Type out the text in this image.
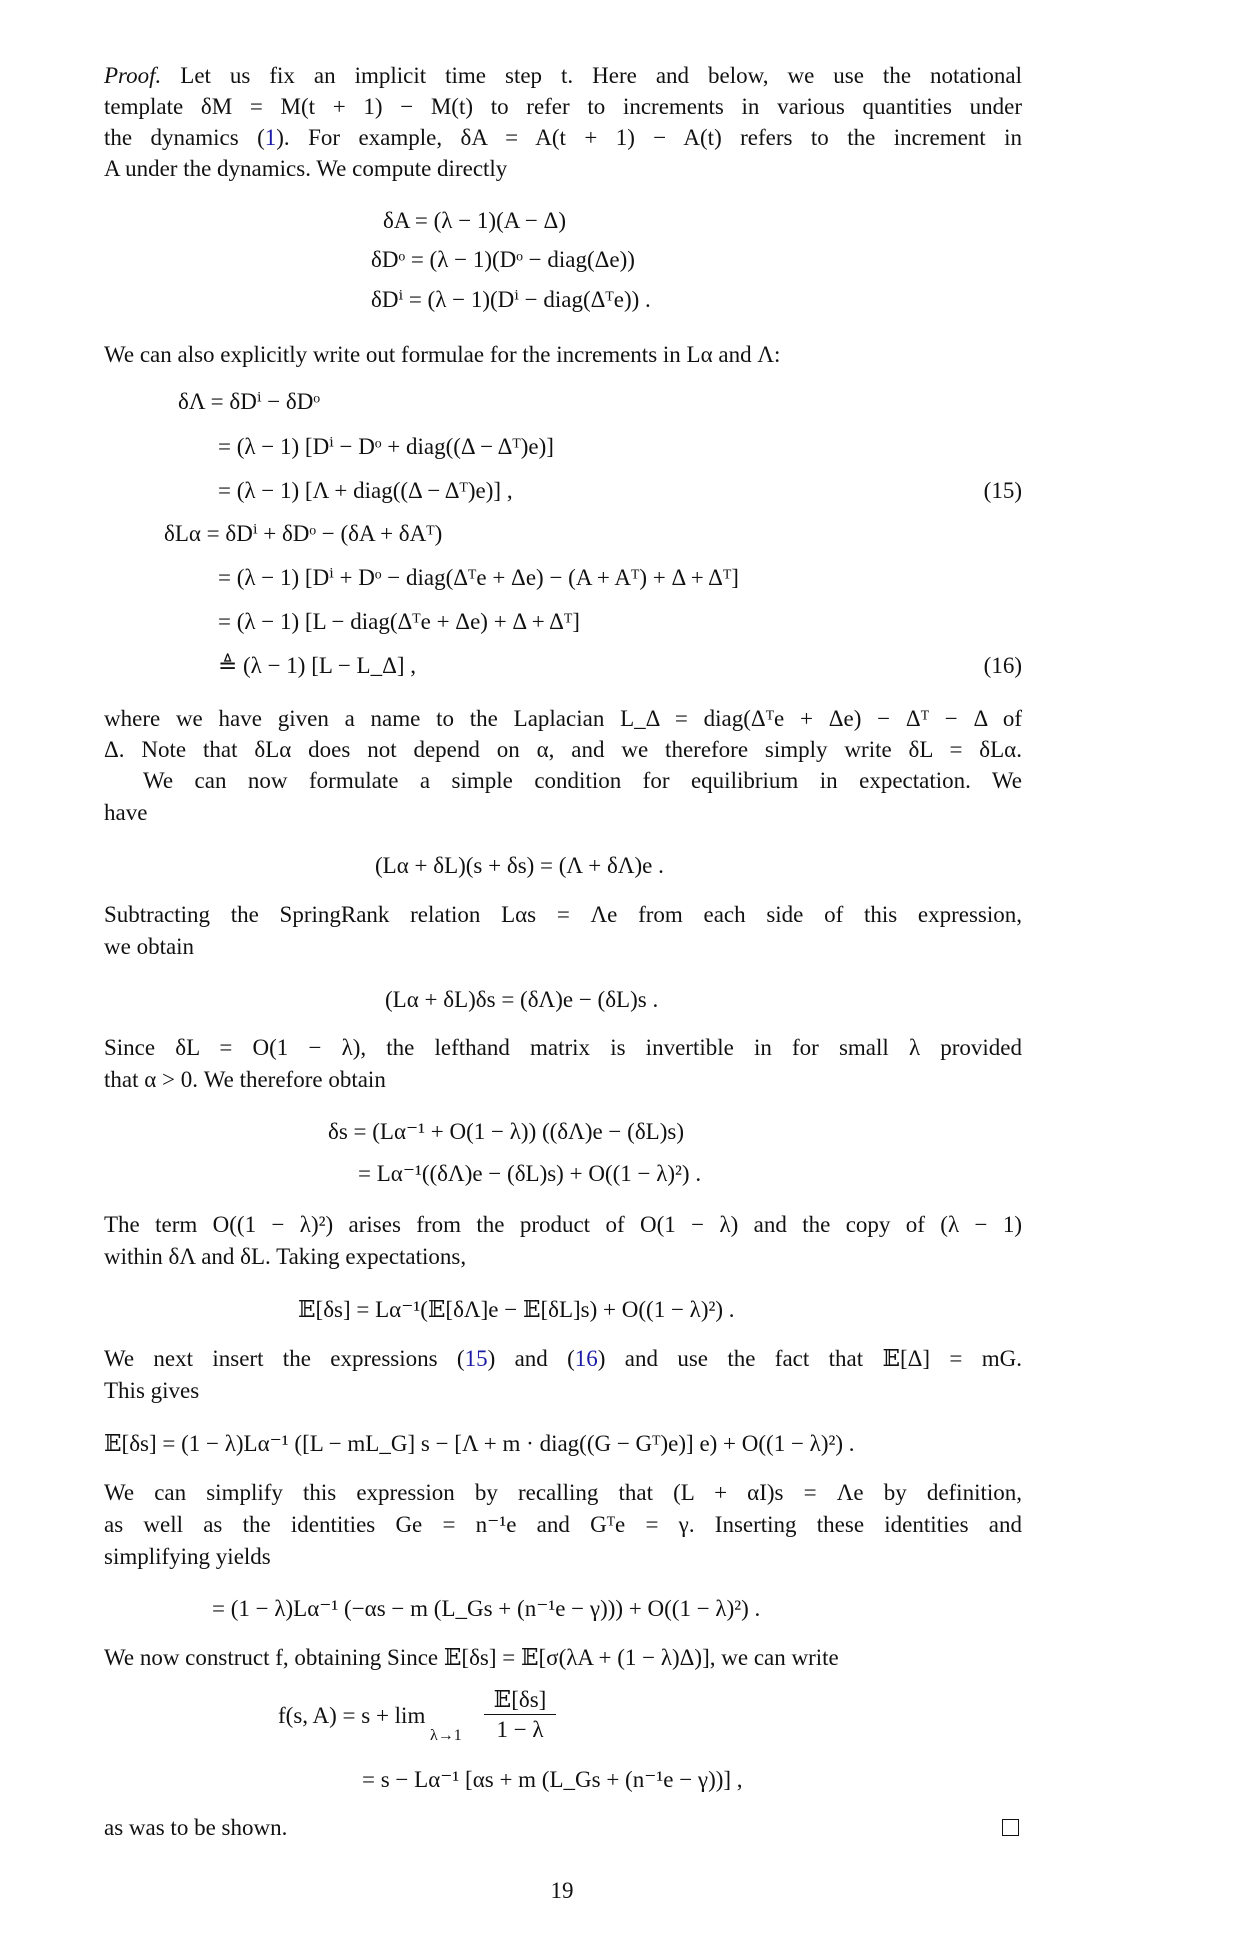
Proof. Let us fix an implicit time step t. Here and below, we use the notational
template δM = M(t + 1) − M(t) to refer to increments in various quantities under
the dynamics (1). For example, δA = A(t + 1) − A(t) refers to the increment in
A under the dynamics. We compute directly
δA = (λ − 1)(A − Δ)
δDᵒ = (λ − 1)(Dᵒ − diag(Δe))
δDⁱ = (λ − 1)(Dⁱ − diag(Δᵀe)) .
We can also explicitly write out formulae for the increments in Lα and Λ:
δΛ = δDⁱ − δDᵒ
= (λ − 1) [Dⁱ − Dᵒ + diag((Δ − Δᵀ)e)]
= (λ − 1) [Λ + diag((Δ − Δᵀ)e)] ,
δLα = δDⁱ + δDᵒ − (δA + δAᵀ)
= (λ − 1) [Dⁱ + Dᵒ − diag(Δᵀe + Δe) − (A + Aᵀ) + Δ + Δᵀ]
= (λ − 1) [L − diag(Δᵀe + Δe) + Δ + Δᵀ]
≜ (λ − 1) [L − L_Δ] ,
(15)
(16)
where we have given a name to the Laplacian L_Δ = diag(Δᵀe + Δe) − Δᵀ − Δ of
Δ. Note that δLα does not depend on α, and we therefore simply write δL = δLα.
We can now formulate a simple condition for equilibrium in expectation. We
have
(Lα + δL)(s + δs) = (Λ + δΛ)e .
Subtracting the SpringRank relation Lαs = Λe from each side of this expression,
we obtain
(Lα + δL)δs = (δΛ)e − (δL)s .
Since δL = O(1 − λ), the lefthand matrix is invertible in for small λ provided
that α > 0. We therefore obtain
δs = (Lα⁻¹ + O(1 − λ)) ((δΛ)e − (δL)s)
= Lα⁻¹((δΛ)e − (δL)s) + O((1 − λ)²) .
The term O((1 − λ)²) arises from the product of O(1 − λ) and the copy of (λ − 1)
within δΛ and δL. Taking expectations,
𝔼[δs] = Lα⁻¹(𝔼[δΛ]e − 𝔼[δL]s) + O((1 − λ)²) .
We next insert the expressions (15) and (16) and use the fact that 𝔼[Δ] = mG.
This gives
𝔼[δs] = (1 − λ)Lα⁻¹ ([L − mL_G] s − [Λ + m · diag((G − Gᵀ)e)] e) + O((1 − λ)²) .
We can simplify this expression by recalling that (L + αI)s = Λe by definition,
as well as the identities Ge = n⁻¹e and Gᵀe = γ. Inserting these identities and
simplifying yields
= (1 − λ)Lα⁻¹ (−αs − m (L_Gs + (n⁻¹e − γ))) + O((1 − λ)²) .
We now construct f, obtaining Since 𝔼[δs] = 𝔼[σ(λA + (1 − λ)Δ)], we can write
f(s, A) = s + lim
λ→1
𝔼[δs]
1 − λ
= s − Lα⁻¹ [αs + m (L_Gs + (n⁻¹e − γ))] ,
as was to be shown.
19
